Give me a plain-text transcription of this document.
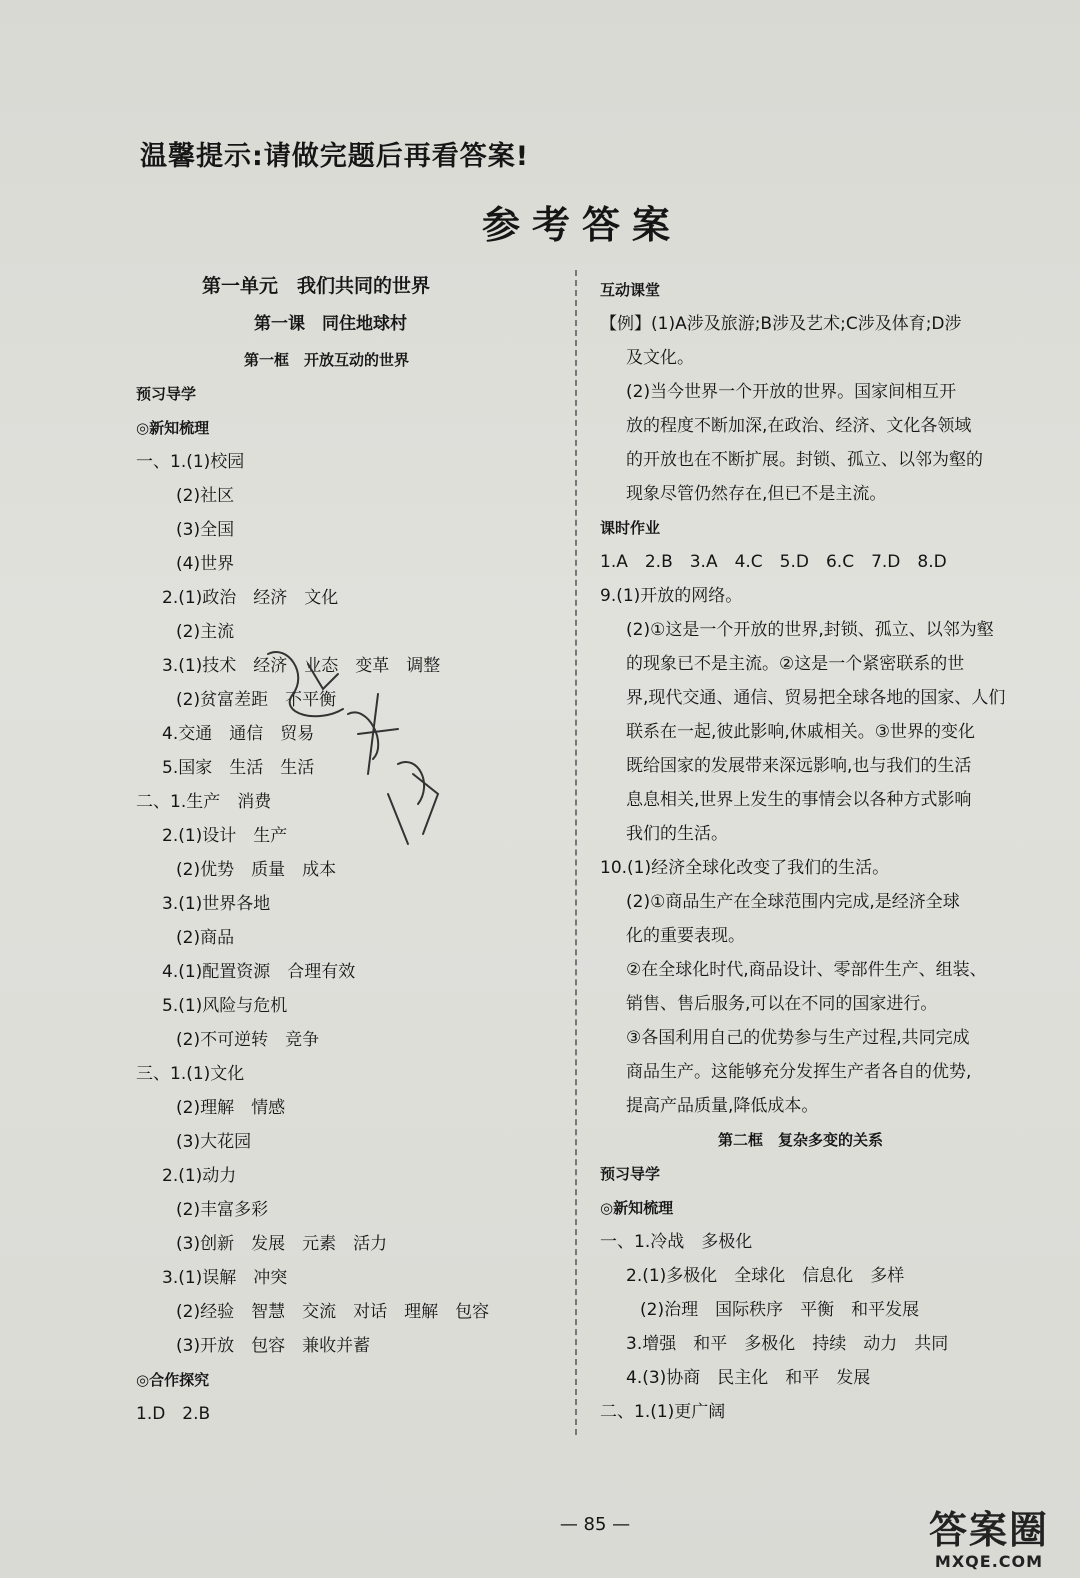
温馨提示:请做完题后再看答案!
参考答案
第一单元　我们共同的世界
第一课　同住地球村
第一框　开放互动的世界
预习导学
◎新知梳理
一、1.(1)校园
(2)社区
(3)全国
(4)世界
2.(1)政治　经济　文化
(2)主流
3.(1)技术　经济　业态　变革　调整
(2)贫富差距　不平衡
4.交通　通信　贸易
5.国家　生活　生活
二、1.生产　消费
2.(1)设计　生产
(2)优势　质量　成本
3.(1)世界各地
(2)商品
4.(1)配置资源　合理有效
5.(1)风险与危机
(2)不可逆转　竞争
三、1.(1)文化
(2)理解　情感
(3)大花园
2.(1)动力
(2)丰富多彩
(3)创新　发展　元素　活力
3.(1)误解　冲突
(2)经验　智慧　交流　对话　理解　包容
(3)开放　包容　兼收并蓄
◎合作探究
1.D　2.B
互动课堂
【例】(1)A涉及旅游;B涉及艺术;C涉及体育;D涉
及文化。
(2)当今世界一个开放的世界。国家间相互开
放的程度不断加深,在政治、经济、文化各领域
的开放也在不断扩展。封锁、孤立、以邻为壑的
现象尽管仍然存在,但已不是主流。
课时作业
1.A　2.B　3.A　4.C　5.D　6.C　7.D　8.D
9.(1)开放的网络。
(2)①这是一个开放的世界,封锁、孤立、以邻为壑
的现象已不是主流。②这是一个紧密联系的世
界,现代交通、通信、贸易把全球各地的国家、人们
联系在一起,彼此影响,休戚相关。③世界的变化
既给国家的发展带来深远影响,也与我们的生活
息息相关,世界上发生的事情会以各种方式影响
我们的生活。
10.(1)经济全球化改变了我们的生活。
(2)①商品生产在全球范围内完成,是经济全球
化的重要表现。
②在全球化时代,商品设计、零部件生产、组装、
销售、售后服务,可以在不同的国家进行。
③各国利用自己的优势参与生产过程,共同完成
商品生产。这能够充分发挥生产者各自的优势,
提高产品质量,降低成本。
第二框　复杂多变的关系
预习导学
◎新知梳理
一、1.冷战　多极化
2.(1)多极化　全球化　信息化　多样
(2)治理　国际秩序　平衡　和平发展
3.增强　和平　多极化　持续　动力　共同
4.(3)协商　民主化　和平　发展
二、1.(1)更广阔
— 85 —	答案圈
MXQE.COM
